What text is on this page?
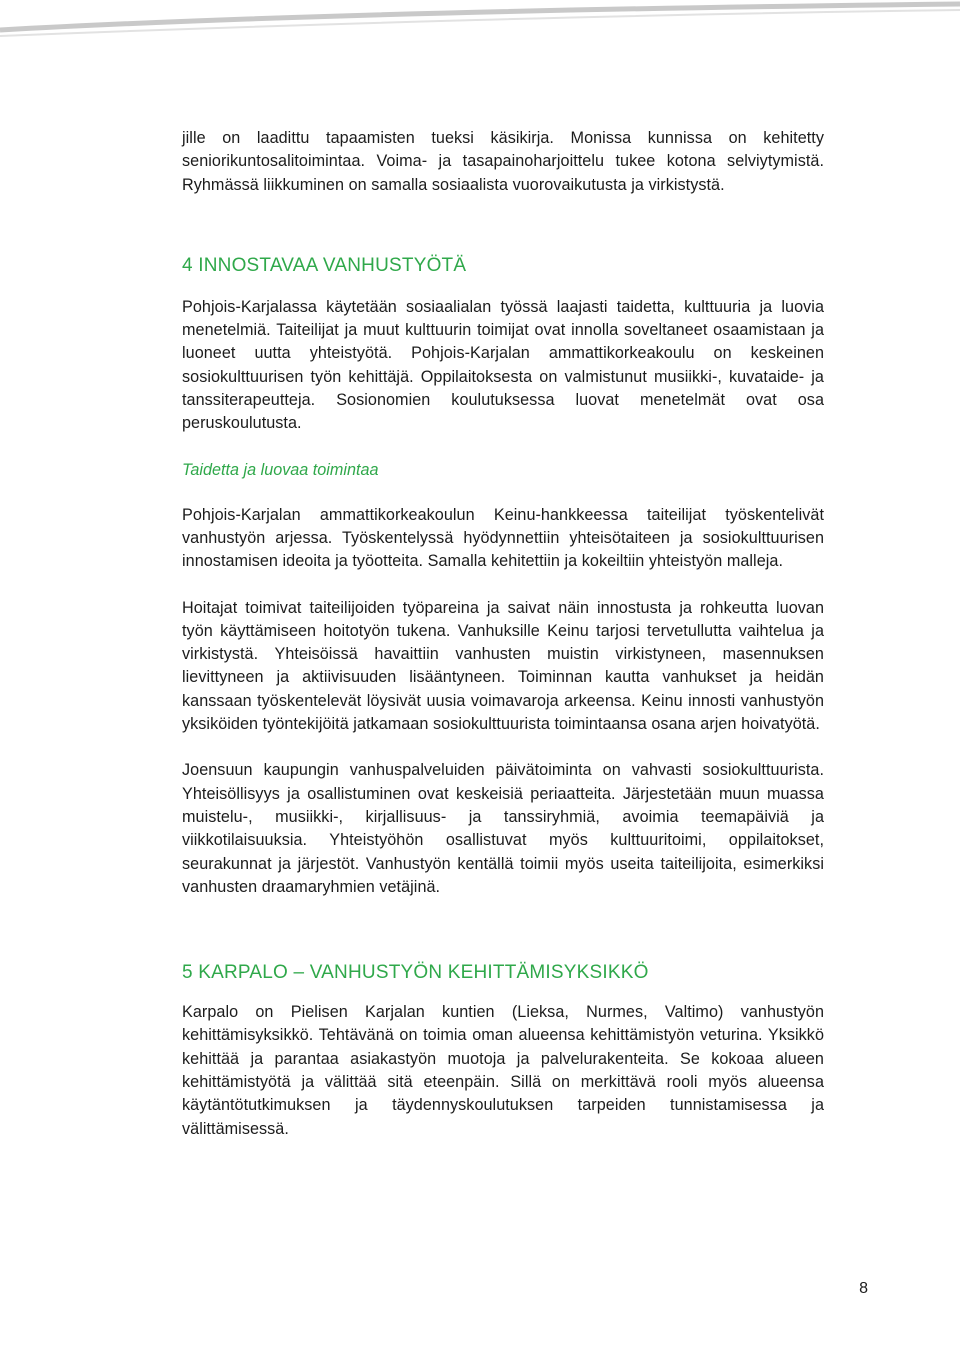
jille on laadittu tapaamisten tueksi käsikirja. Monissa kunnissa on kehitetty seniorikuntosalitoimintaa. Voima- ja tasapainoharjoittelu tukee kotona selviytymistä. Ryhmässä liikkuminen on samalla sosiaalista vuorovaikutusta ja virkistystä.

4 INNOSTAVAA VANHUSTYÖTÄ

Pohjois-Karjalassa käytetään sosiaalialan työssä laajasti taidetta, kulttuuria ja luovia menetelmiä. Taiteilijat ja muut kulttuurin toimijat ovat innolla soveltaneet osaamistaan ja luoneet uutta yhteistyötä. Pohjois-Karjalan ammattikorkeakoulu on keskeinen sosiokulttuurisen työn kehittäjä. Oppilaitoksesta on valmistunut musiikki-, kuvataide- ja tanssiterapeutteja. Sosionomien koulutuksessa luovat menetelmät ovat osa peruskoulutusta.

Taidetta ja luovaa toimintaa

Pohjois-Karjalan ammattikorkeakoulun Keinu-hankkeessa taiteilijat työskentelivät vanhustyön arjessa. Työskentelyssä hyödynnettiin yhteisötaiteen ja sosiokulttuurisen innostamisen ideoita ja työotteita. Samalla kehitettiin ja kokeiltiin yhteistyön malleja.

Hoitajat toimivat taiteilijoiden työpareina ja saivat näin innostusta ja rohkeutta luovan työn käyttämiseen hoitotyön tukena. Vanhuksille Keinu tarjosi tervetullutta vaihtelua ja virkistystä. Yhteisöissä havaittiin vanhusten muistin virkistyneen, masennuksen lievittyneen ja aktiivisuuden lisääntyneen. Toiminnan kautta vanhukset ja heidän kanssaan työskentelevät löysivät uusia voimavaroja arkeensa. Keinu innosti vanhustyön yksiköiden työntekijöitä jatkamaan sosiokulttuurista toimintaansa osana arjen hoivatyötä.

Joensuun kaupungin vanhuspalveluiden päivätoiminta on vahvasti sosiokulttuurista. Yhteisöllisyys ja osallistuminen ovat keskeisiä periaatteita. Järjestetään muun muassa muistelu-, musiikki-, kirjallisuus- ja tanssiryhmiä, avoimia teemapäiviä ja viikkotilaisuuksia. Yhteistyöhön osallistuvat myös kulttuuritoimi, oppilaitokset, seurakunnat ja järjestöt. Vanhustyön kentällä toimii myös useita taiteilijoita, esimerkiksi vanhusten draamaryhmien vetäjinä.

5 KARPALO – VANHUSTYÖN KEHITTÄMISYKSIKKÖ

Karpalo on Pielisen Karjalan kuntien (Lieksa, Nurmes, Valtimo) vanhustyön kehittämisyksikkö. Tehtävänä on toimia oman alueensa kehittämistyön veturina. Yksikkö kehittää ja parantaa asiakastyön muotoja ja palvelurakenteita. Se kokoaa alueen kehittämistyötä ja välittää sitä eteenpäin. Sillä on merkittävä rooli myös alueensa käytäntötutkimuksen ja täydennyskoulutuksen tarpeiden tunnistamisessa ja välittämisessä.

8
